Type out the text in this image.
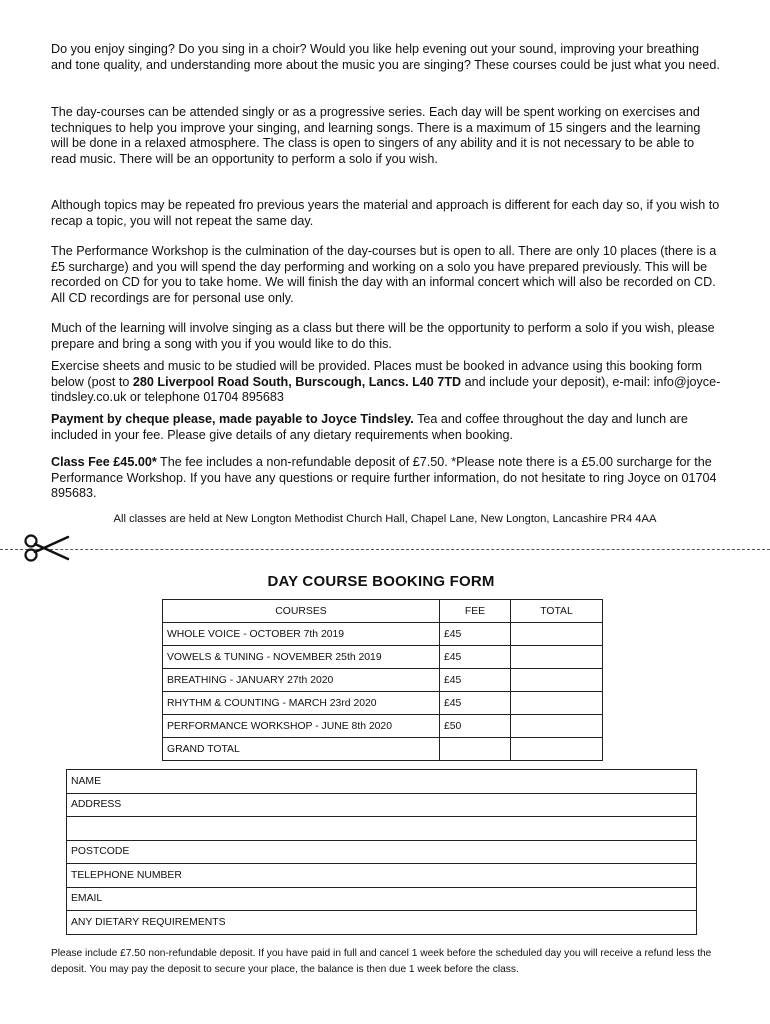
Do you enjoy singing? Do you sing in a choir? Would you like help evening out your sound, improving your breathing and tone quality, and understanding more about the music you are singing? These courses could be just what you need.

The day-courses can be attended singly or as a progressive series. Each day will be spent working on exercises and techniques to help you improve your singing, and learning songs. There is a maximum of 15 singers and the learning will be done in a relaxed atmosphere. The class is open to singers of any ability and it is not necessary to be able to read music. There will be an opportunity to perform a solo if you wish.

Although topics may be repeated fro previous years the material and approach is different for each day so, if you wish to recap a topic, you will not repeat the same day.

The Performance Workshop is the culmination of the day-courses but is open to all. There are only 10 places (there is a £5 surcharge) and you will spend the day performing and working on a solo you have prepared previously. This will be recorded on CD for you to take home. We will finish the day with an informal concert which will also be recorded on CD. All CD recordings are for personal use only.

Much of the learning will involve singing as a class but there will be the opportunity to perform a solo if you wish, please prepare and bring a song with you if you would like to do this.

Exercise sheets and music to be studied will be provided. Places must be booked in advance using this booking form below (post to 280 Liverpool Road South, Burscough, Lancs. L40 7TD and include your deposit), e-mail: info@joyce-tindsley.co.uk or telephone 01704 895683

Payment by cheque please, made payable to Joyce Tindsley. Tea and coffee throughout the day and lunch are included in your fee. Please give details of any dietary requirements when booking.

Class Fee £45.00* The fee includes a non-refundable deposit of £7.50. *Please note there is a £5.00 surcharge for the Performance Workshop. If you have any questions or require further information, do not hesitate to ring Joyce on 01704 895683.

All classes are held at New Longton Methodist Church Hall, Chapel Lane, New Longton, Lancashire PR4 4AA
DAY COURSE BOOKING FORM
COURSES	FEE	TOTAL
WHOLE VOICE - OCTOBER 7th 2019	£45	
VOWELS & TUNING - NOVEMBER 25th 2019	£45	
BREATHING - JANUARY 27th 2020	£45	
RHYTHM & COUNTING - MARCH 23rd 2020	£45	
PERFORMANCE WORKSHOP - JUNE 8th 2020	£50	
GRAND TOTAL		
NAME
ADDRESS

POSTCODE
TELEPHONE NUMBER
EMAIL
ANY DIETARY REQUIREMENTS

Please include £7.50 non-refundable deposit. If you have paid in full and cancel 1 week before the scheduled day you will receive a refund less the deposit. You may pay the deposit to secure your place, the balance is then due 1 week before the class.
